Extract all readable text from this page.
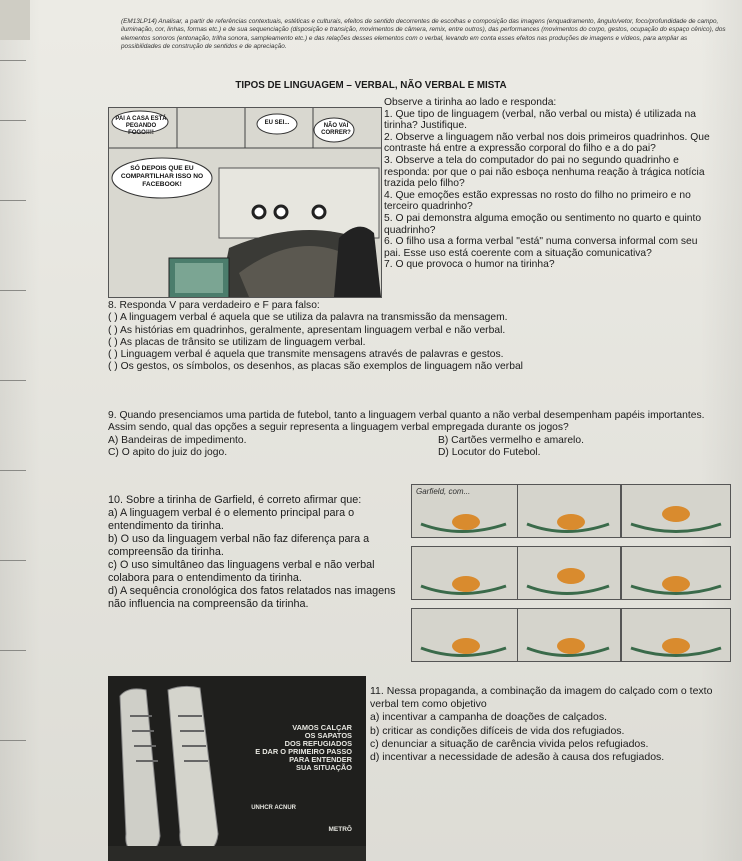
(EM13LP14) Analisar, a partir de referências contextuais, estéticas e culturais, efeitos de sentido decorrentes de escolhas e composição das imagens (enquadramento, ângulo/vetor, foco/profundidade de campo, iluminação, cor, linhas, formas etc.) e de sua sequenciação (disposição e transição, movimentos de câmera, remix, entre outros), das performances (movimentos do corpo, gestos, ocupação do espaço cênico), dos elementos sonoros (entonação, trilha sonora, sampleamento etc.) e das relações desses elementos com o verbal, levando em conta esses efeitos nas produções de imagens e vídeos, para ampliar as possibilidades de construção de sentidos e de apreciação.
TIPOS DE LINGUAGEM – VERBAL, NÃO VERBAL E MISTA
PAI A CASA ESTÁ PEGANDO FOGO!!!!
EU SEI...	NÃO VAI CORRER?
SÓ DEPOIS QUE EU COMPARTILHAR ISSO NO FACEBOOK!

Observe a tirinha ao lado e responda:

1. Que tipo de linguagem (verbal, não verbal ou mista) é utilizada na tirinha? Justifique.

2. Observe a linguagem não verbal nos dois primeiros quadrinhos. Que contraste há entre a expressão corporal do filho e a do pai?

3. Observe a tela do computador do pai no segundo quadrinho e responda: por que o pai não esboça nenhuma reação à trágica notícia trazida pelo filho?

4. Que emoções estão expressas no rosto do filho no primeiro e no terceiro quadrinho?

5. O pai demonstra alguma emoção ou sentimento no quarto e quinto quadrinho?

6. O filho usa a forma verbal "está" numa conversa informal com seu pai. Esse uso está coerente com a situação comunicativa?

7. O que provoca o humor na tirinha?

8. Responda V para verdadeiro e F para falso:

( ) A linguagem verbal é aquela que se utiliza da palavra na transmissão da mensagem.

( ) As histórias em quadrinhos, geralmente, apresentam linguagem verbal e não verbal.

( ) As placas de trânsito se utilizam de linguagem verbal.

( ) Linguagem verbal é aquela que transmite mensagens através de palavras e gestos.

( ) Os gestos, os símbolos, os desenhos, as placas são exemplos de linguagem não verbal

9. Quando presenciamos uma partida de futebol, tanto a linguagem verbal quanto a não verbal desempenham papéis importantes. Assim sendo, qual das opções a seguir representa a linguagem verbal empregada durante os jogos?

A) Bandeiras de impedimento.	B) Cartões vermelho e amarelo.
C) O apito do juiz do jogo.	D) Locutor do Futebol.

10. Sobre a tirinha de Garfield, é correto afirmar que:

a) A linguagem verbal é o elemento principal para o entendimento da tirinha.

b) O uso da linguagem verbal não faz diferença para a compreensão da tirinha.

c) O uso simultâneo das linguagens verbal e não verbal colabora para o entendimento da tirinha.

d) A sequência cronológica dos fatos relatados nas imagens não influencia na compreensão da tirinha.

Garfield, com...
VAMOS CALÇAR
OS SAPATOS
DOS REFUGIADOS
E DAR O PRIMEIRO PASSO
PARA ENTENDER
SUA SITUAÇÃO
UNHCR ACNUR
METRÔ

11. Nessa propaganda, a combinação da imagem do calçado com o texto verbal tem como objetivo

a) incentivar a campanha de doações de calçados.

b) criticar as condições difíceis de vida dos refugiados.

c) denunciar a situação de carência vivida pelos refugiados.

d) incentivar a necessidade de adesão à causa dos refugiados.
